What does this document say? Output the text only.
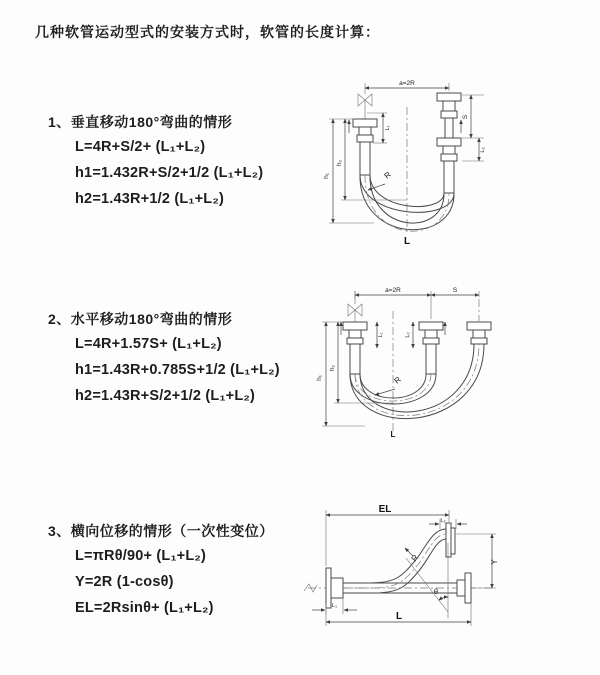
几种软管运动型式的安装方式时，软管的长度计算：
1、垂直移动180°弯曲的情形
L=4R+S/2+ (L₁+L₂)
h1=1.432R+S/2+1/2 (L₁+L₂)
h2=1.43R+1/2 (L₁+L₂)
2、水平移动180°弯曲的情形
L=4R+1.57S+ (L₁+L₂)
h1=1.43R+0.785S+1/2 (L₁+L₂)
h2=1.43R+S/2+1/2 (L₁+L₂)
3、横向位移的情形（一次性变位）
L=πRθ/90+ (L₁+L₂)
Y=2R (1-cosθ)
EL=2Rsinθ+ (L₁+L₂)
a=2R
h₁
h₂
L₁
S
L₂
R
L
a=2R	S
L₁	L₂
h₁
h₂
R
L
EL
L₂
Y
R
θ
L₁
L
